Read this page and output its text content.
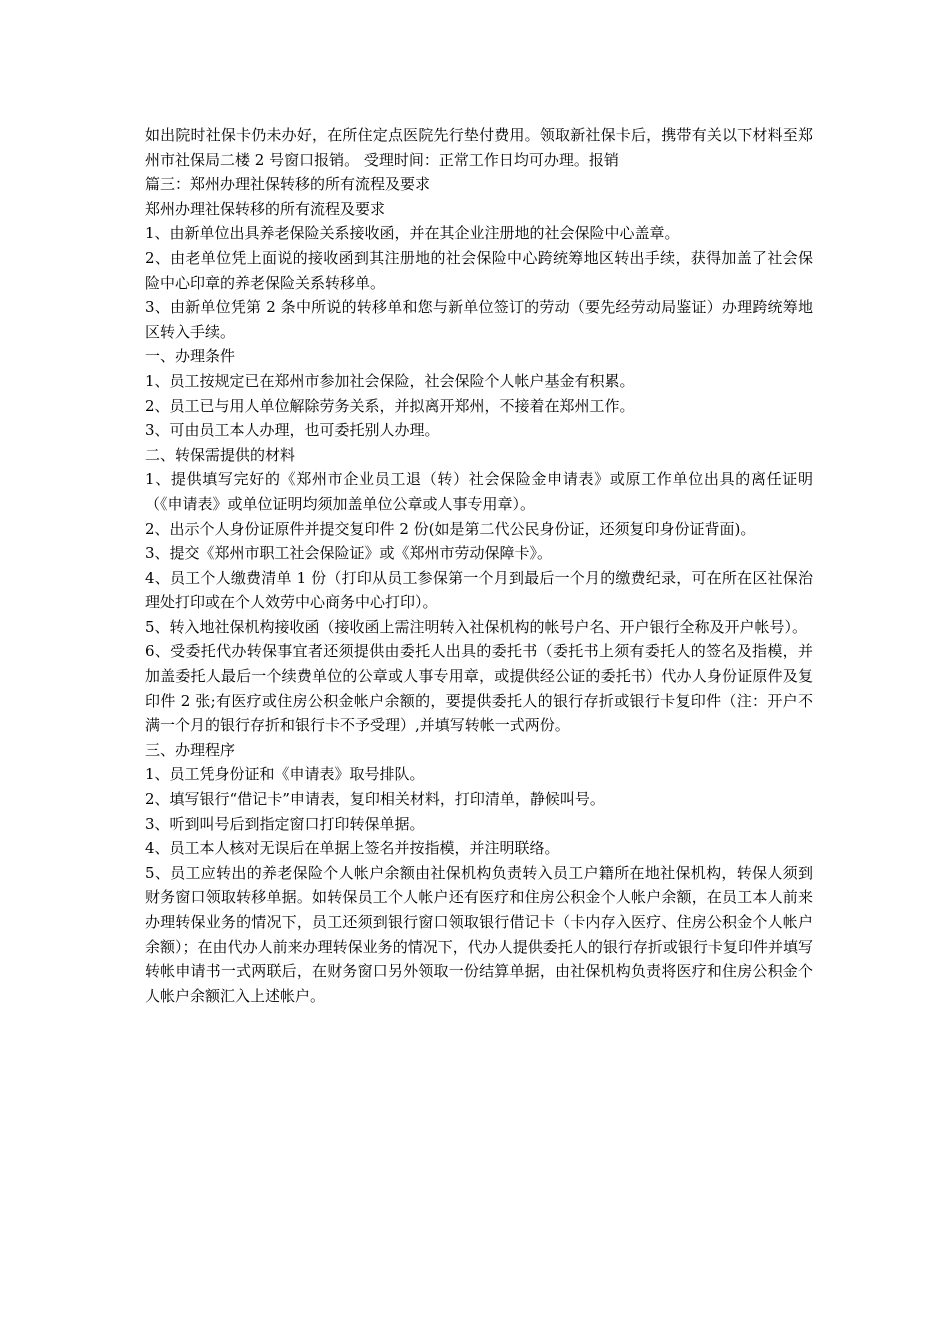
如出院时社保卡仍未办好，在所住定点医院先行垫付费用。领取新社保卡后，携带有关以下材料至郑州市社保局二楼 2 号窗口报销。 受理时间：正常工作日均可办理。报销

篇三：郑州办理社保转移的所有流程及要求

郑州办理社保转移的所有流程及要求

1、由新单位出具养老保险关系接收函，并在其企业注册地的社会保险中心盖章。

2、由老单位凭上面说的接收函到其注册地的社会保险中心跨统筹地区转出手续，获得加盖了社会保险中心印章的养老保险关系转移单。

3、由新单位凭第 2 条中所说的转移单和您与新单位签订的劳动（要先经劳动局鉴证）办理跨统筹地区转入手续。

一、办理条件

1、员工按规定已在郑州市参加社会保险，社会保险个人帐户基金有积累。

2、员工已与用人单位解除劳务关系，并拟离开郑州，不接着在郑州工作。

3、可由员工本人办理，也可委托别人办理。

二、转保需提供的材料

1、提供填写完好的《郑州市企业员工退（转）社会保险金申请表》或原工作单位出具的离任证明（《申请表》或单位证明均须加盖单位公章或人事专用章）。

2、出示个人身份证原件并提交复印件 2 份(如是第二代公民身份证，还须复印身份证背面)。

3、提交《郑州市职工社会保险证》或《郑州市劳动保障卡》。

4、员工个人缴费清单 1 份（打印从员工参保第一个月到最后一个月的缴费纪录，可在所在区社保治理处打印或在个人效劳中心商务中心打印）。

5、转入地社保机构接收函（接收函上需注明转入社保机构的帐号户名、开户银行全称及开户帐号）。

6、受委托代办转保事宜者还须提供由委托人出具的委托书（委托书上须有委托人的签名及指模，并加盖委托人最后一个续费单位的公章或人事专用章，或提供经公证的委托书）代办人身份证原件及复印件 2 张;有医疗或住房公积金帐户余额的，要提供委托人的银行存折或银行卡复印件（注：开户不满一个月的银行存折和银行卡不予受理）,并填写转帐一式两份。

三、办理程序

1、员工凭身份证和《申请表》取号排队。

2、填写银行“借记卡”申请表，复印相关材料，打印清单，静候叫号。

3、听到叫号后到指定窗口打印转保单据。

4、员工本人核对无误后在单据上签名并按指模，并注明联络。

5、员工应转出的养老保险个人帐户余额由社保机构负责转入员工户籍所在地社保机构，转保人须到财务窗口领取转移单据。如转保员工个人帐户还有医疗和住房公积金个人帐户余额，在员工本人前来办理转保业务的情况下，员工还须到银行窗口领取银行借记卡（卡内存入医疗、住房公积金个人帐户余额）；在由代办人前来办理转保业务的情况下，代办人提供委托人的银行存折或银行卡复印件并填写转帐申请书一式两联后，在财务窗口另外领取一份结算单据，由社保机构负责将医疗和住房公积金个人帐户余额汇入上述帐户。
